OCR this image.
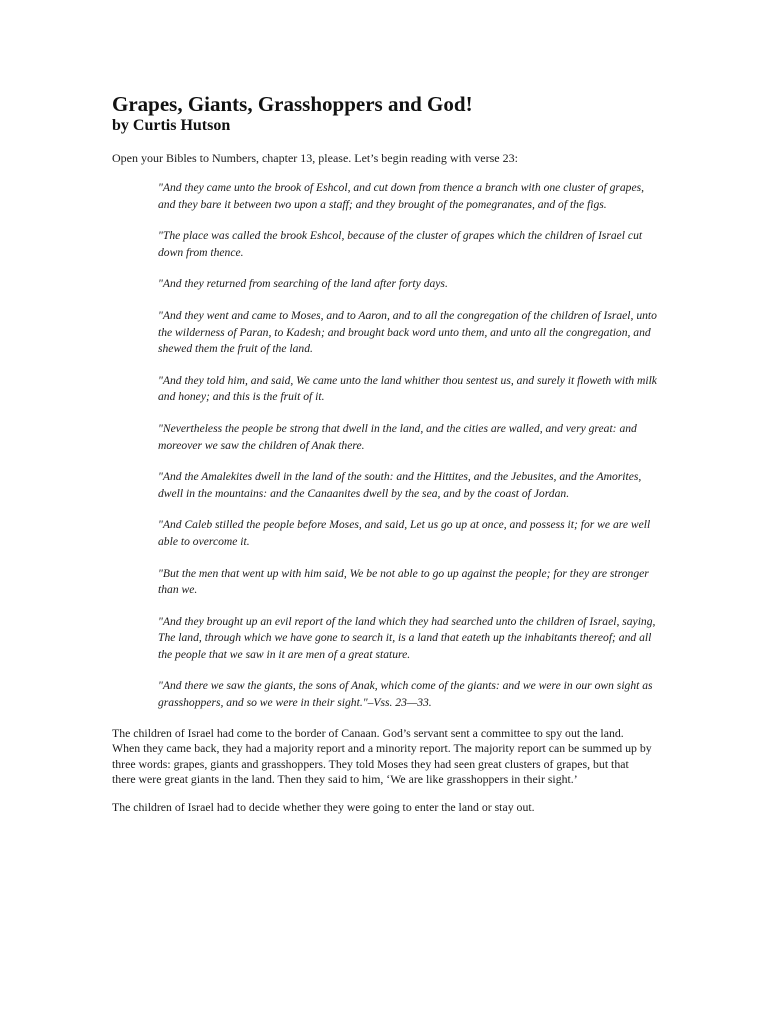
Grapes, Giants, Grasshoppers and God!

by Curtis Hutson

Open your Bibles to Numbers, chapter 13, please. Let’s begin reading with verse 23:

"And they came unto the brook of Eshcol, and cut down from thence a branch with one cluster of grapes, and they bare it between two upon a staff; and they brought of the pomegranates, and of the figs.

"The place was called the brook Eshcol, because of the cluster of grapes which the children of Israel cut down from thence.

"And they returned from searching of the land after forty days.

"And they went and came to Moses, and to Aaron, and to all the congregation of the children of Israel, unto the wilderness of Paran, to Kadesh; and brought back word unto them, and unto all the congregation, and shewed them the fruit of the land.

"And they told him, and said, We came unto the land whither thou sentest us, and surely it floweth with milk and honey; and this is the fruit of it.

"Nevertheless the people be strong that dwell in the land, and the cities are walled, and very great: and moreover we saw the children of Anak there.

"And the Amalekites dwell in the land of the south: and the Hittites, and the Jebusites, and the Amorites, dwell in the mountains: and the Canaanites dwell by the sea, and by the coast of Jordan.

"And Caleb stilled the people before Moses, and said, Let us go up at once, and possess it; for we are well able to overcome it.

"But the men that went up with him said, We be not able to go up against the people; for they are stronger than we.

"And they brought up an evil report of the land which they had searched unto the children of Israel, saying, The land, through which we have gone to search it, is a land that eateth up the inhabitants thereof; and all the people that we saw in it are men of a great stature.

"And there we saw the giants, the sons of Anak, which come of the giants: and we were in our own sight as grasshoppers, and so we were in their sight."–Vss. 23—33.

The children of Israel had come to the border of Canaan. God’s servant sent a committee to spy out the land. When they came back, they had a majority report and a minority report. The majority report can be summed up by three words: grapes, giants and grasshoppers. They told Moses they had seen great clusters of grapes, but that there were great giants in the land. Then they said to him, ‘We are like grasshoppers in their sight.’

The children of Israel had to decide whether they were going to enter the land or stay out.
